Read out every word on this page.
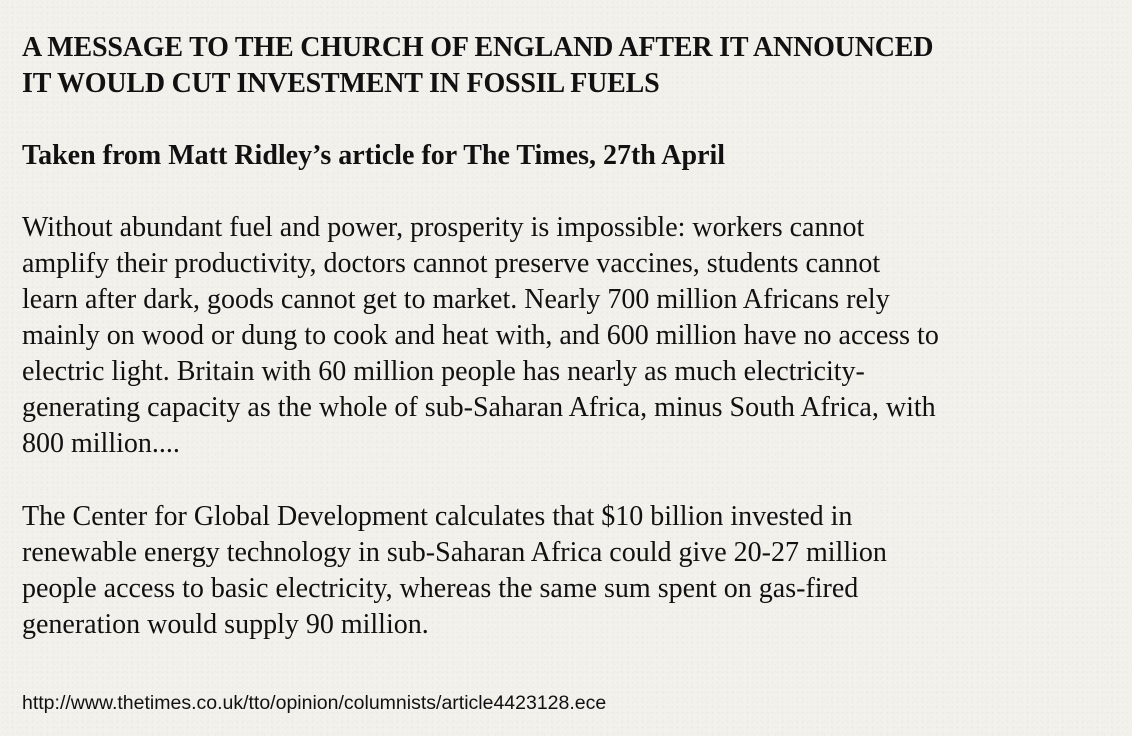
A MESSAGE TO THE CHURCH OF ENGLAND AFTER IT ANNOUNCED
IT WOULD CUT INVESTMENT IN FOSSIL FUELS
Taken from Matt Ridley’s article for The Times, 27th April

Without abundant fuel and power, prosperity is impossible: workers cannot
amplify their productivity, doctors cannot preserve vaccines, students cannot
learn after dark, goods cannot get to market. Nearly 700 million Africans rely
mainly on wood or dung to cook and heat with, and 600 million have no access to
electric light. Britain with 60 million people has nearly as much electricity-
generating capacity as the whole of sub-Saharan Africa, minus South Africa, with
800 million....

The Center for Global Development calculates that $10 billion invested in
renewable energy technology in sub-Saharan Africa could give 20-27 million
people access to basic electricity, whereas the same sum spent on gas-fired
generation would supply 90 million.

http://www.thetimes.co.uk/tto/opinion/columnists/article4423128.ece
